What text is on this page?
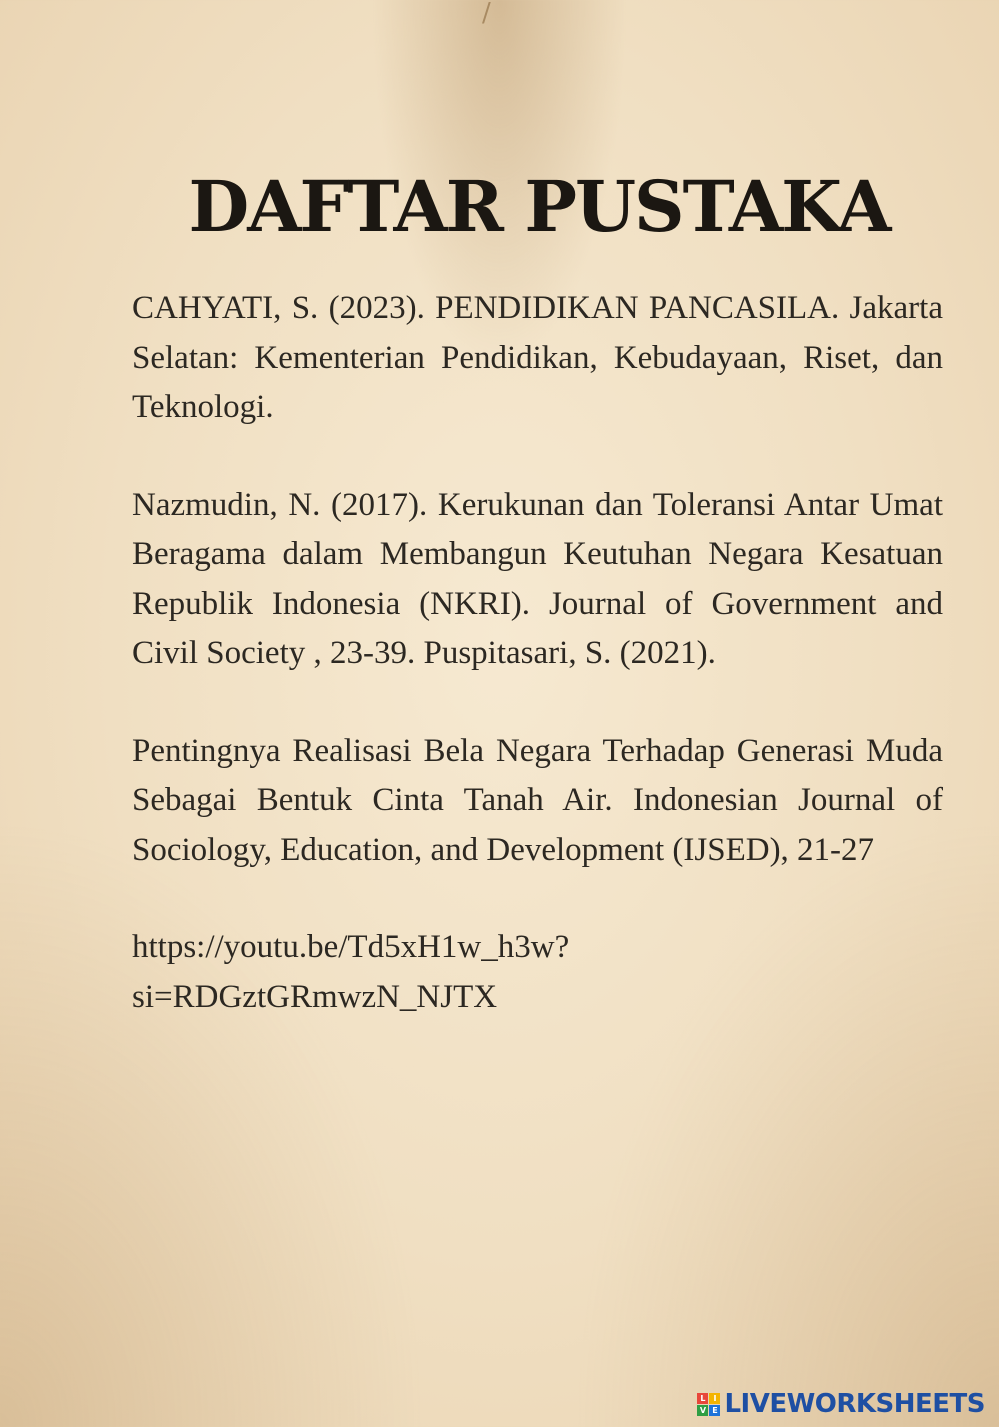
/
DAFTAR PUSTAKA

CAHYATI, S. (2023). PENDIDIKAN PANCASILA. Jakarta Selatan: Kementerian Pendidikan, Kebudayaan, Riset, dan Teknologi.

Nazmudin, N. (2017). Kerukunan dan Toleransi Antar Umat Beragama dalam Membangun Keutuhan Negara Kesatuan Republik Indonesia (NKRI). Journal of Government and Civil Society , 23-39. Puspitasari, S. (2021).

Pentingnya Realisasi Bela Negara Terhadap Generasi Muda Sebagai Bentuk Cinta Tanah Air. Indonesian Journal of Sociology, Education, and Development (IJSED), 21-27

https://youtu.be/Td5xH1w_h3w?
si=RDGztGRmwzN_NJTX

L I
V E LIVEWORKSHEETS
